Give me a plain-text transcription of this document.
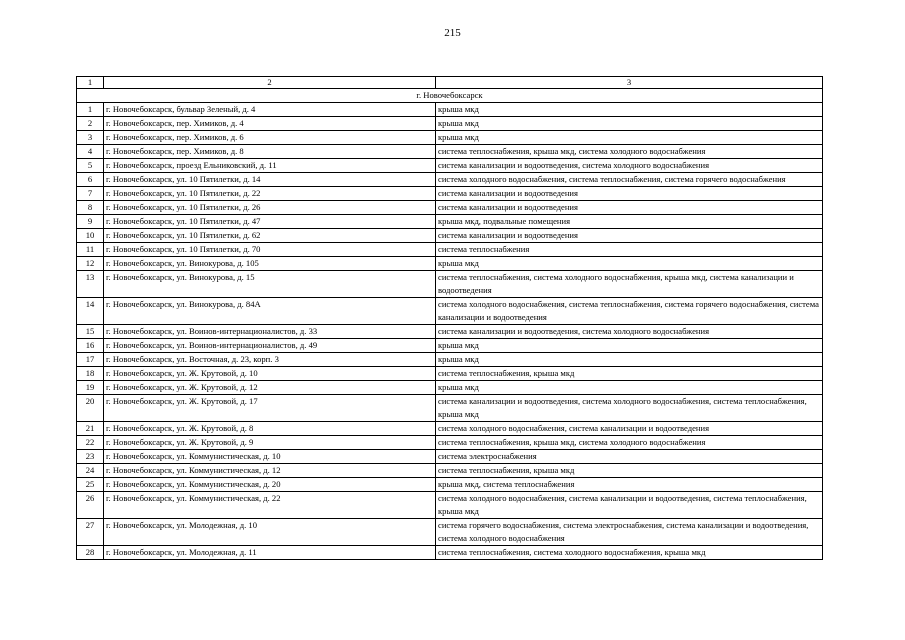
215
1	2	3
г. Новочебоксарск		
1	г. Новочебоксарск, бульвар Зеленый, д. 4	крыша мкд
2	г. Новочебоксарск, пер. Химиков, д. 4	крыша мкд
3	г. Новочебоксарск, пер. Химиков, д. 6	крыша мкд
4	г. Новочебоксарск, пер. Химиков, д. 8	система теплоснабжения, крыша мкд, система холодного водоснабжения
5	г. Новочебоксарск, проезд Ельниковский, д. 11	система канализации и водоотведения, система холодного водоснабжения
6	г. Новочебоксарск, ул. 10 Пятилетки, д. 14	система холодного водоснабжения, система теплоснабжения, система горячего водоснабжения
7	г. Новочебоксарск, ул. 10 Пятилетки, д. 22	система канализации и водоотведения
8	г. Новочебоксарск, ул. 10 Пятилетки, д. 26	система канализации и водоотведения
9	г. Новочебоксарск, ул. 10 Пятилетки, д. 47	крыша мкд, подвальные помещения
10	г. Новочебоксарск, ул. 10 Пятилетки, д. 62	система канализации и водоотведения
11	г. Новочебоксарск, ул. 10 Пятилетки, д. 70	система теплоснабжения
12	г. Новочебоксарск, ул. Винокурова, д. 105	крыша мкд
13	г. Новочебоксарск, ул. Винокурова, д. 15	система теплоснабжения, система холодного водоснабжения, крыша мкд, система канализации и водоотведения
14	г. Новочебоксарск, ул. Винокурова, д. 84А	система холодного водоснабжения, система теплоснабжения, система горячего водоснабжения, система канализации и водоотведения
15	г. Новочебоксарск, ул. Воинов-интернационалистов, д. 33	система канализации и водоотведения, система холодного водоснабжения
16	г. Новочебоксарск, ул. Воинов-интернационалистов, д. 49	крыша мкд
17	г. Новочебоксарск, ул. Восточная, д. 23, корп. 3	крыша мкд
18	г. Новочебоксарск, ул. Ж. Крутовой, д. 10	система теплоснабжения, крыша мкд
19	г. Новочебоксарск, ул. Ж. Крутовой, д. 12	крыша мкд
20	г. Новочебоксарск, ул. Ж. Крутовой, д. 17	система канализации и водоотведения, система холодного водоснабжения, система теплоснабжения, крыша мкд
21	г. Новочебоксарск, ул. Ж. Крутовой, д. 8	система холодного водоснабжения, система канализации и водоотведения
22	г. Новочебоксарск, ул. Ж. Крутовой, д. 9	система теплоснабжения, крыша мкд, система холодного водоснабжения
23	г. Новочебоксарск, ул. Коммунистическая, д. 10	система электроснабжения
24	г. Новочебоксарск, ул. Коммунистическая, д. 12	система теплоснабжения, крыша мкд
25	г. Новочебоксарск, ул. Коммунистическая, д. 20	крыша мкд, система теплоснабжения
26	г. Новочебоксарск, ул. Коммунистическая, д. 22	система холодного водоснабжения, система канализации и водоотведения, система теплоснабжения, крыша мкд
27	г. Новочебоксарск, ул. Молодежная, д. 10	система горячего водоснабжения, система электроснабжения, система канализации и водоотведения, система холодного водоснабжения
28	г. Новочебоксарск, ул. Молодежная, д. 11	система теплоснабжения, система холодного водоснабжения, крыша мкд
